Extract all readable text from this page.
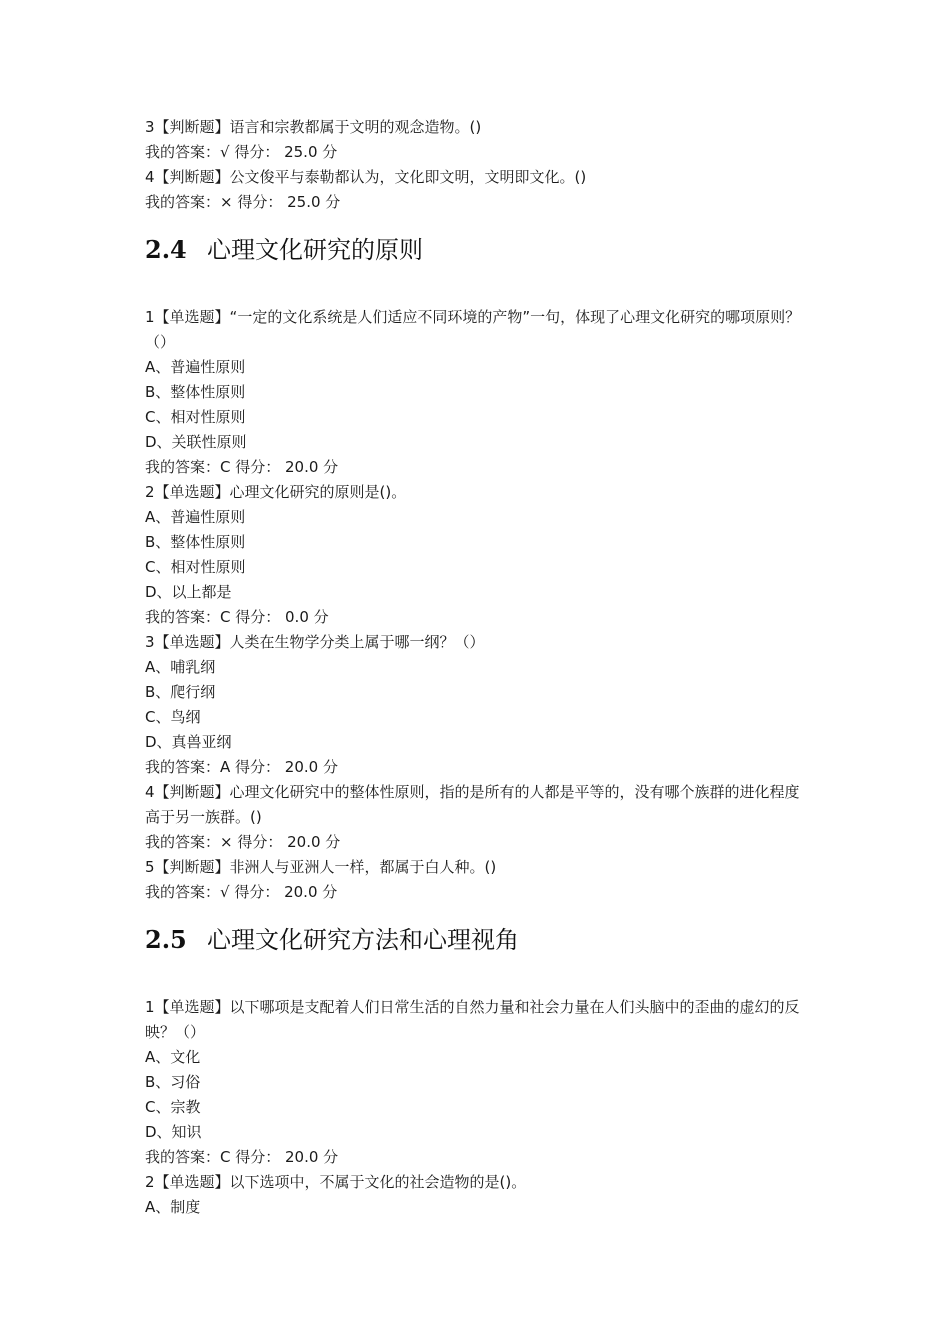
3【判断题】语言和宗教都属于文明的观念造物。()
我的答案：√ 得分： 25.0 分
4【判断题】公文俊平与泰勒都认为，文化即文明，文明即文化。()
我的答案：× 得分： 25.0 分
2.4 心理文化研究的原则
1【单选题】“一定的文化系统是人们适应不同环境的产物”一句，体现了心理文化研究的哪项原则？（）
A、普遍性原则
B、整体性原则
C、相对性原则
D、关联性原则
我的答案：C 得分： 20.0 分
2【单选题】心理文化研究的原则是()。
A、普遍性原则
B、整体性原则
C、相对性原则
D、以上都是
我的答案：C 得分： 0.0 分
3【单选题】人类在生物学分类上属于哪一纲？（）
A、哺乳纲
B、爬行纲
C、鸟纲
D、真兽亚纲
我的答案：A 得分： 20.0 分
4【判断题】心理文化研究中的整体性原则，指的是所有的人都是平等的，没有哪个族群的进化程度高于另一族群。()
我的答案：× 得分： 20.0 分
5【判断题】非洲人与亚洲人一样，都属于白人种。()
我的答案：√ 得分： 20.0 分
2.5 心理文化研究方法和心理视角
1【单选题】以下哪项是支配着人们日常生活的自然力量和社会力量在人们头脑中的歪曲的虚幻的反映？（）
A、文化
B、习俗
C、宗教
D、知识
我的答案：C 得分： 20.0 分
2【单选题】以下选项中，不属于文化的社会造物的是()。
A、制度
